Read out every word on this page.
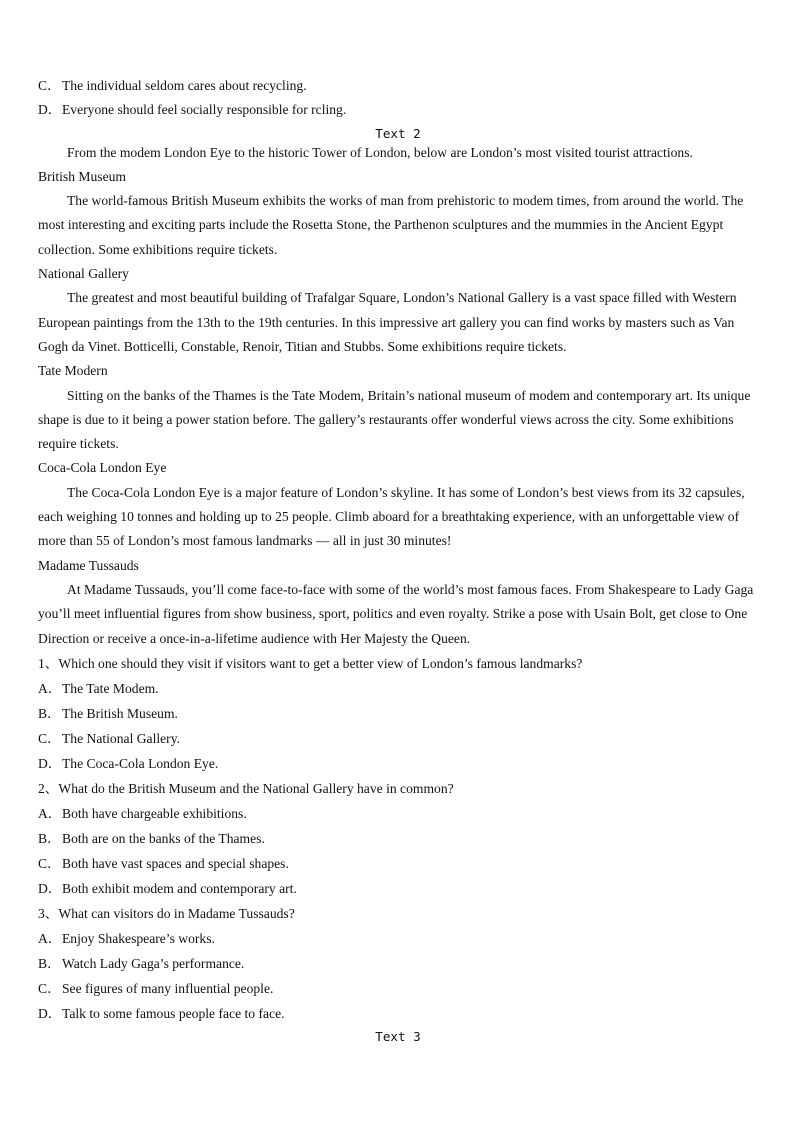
C．The individual seldom cares about recycling.

D．Everyone should feel socially responsible for rcling.

Text 2

From the modem London Eye to the historic Tower of London, below are London’s most visited tourist attractions.

British Museum

The world-famous British Museum exhibits the works of man from prehistoric to modem times, from around the world. The most interesting and exciting parts include the Rosetta Stone, the Parthenon sculptures and the mummies in the Ancient Egypt collection. Some exhibitions require tickets.

National Gallery

The greatest and most beautiful building of Trafalgar Square, London’s National Gallery is a vast space filled with Western European paintings from the 13th to the 19th centuries. In this impressive art gallery you can find works by masters such as Van Gogh da Vinet. Botticelli, Constable, Renoir, Titian and Stubbs. Some exhibitions require tickets.

Tate Modern

Sitting on the banks of the Thames is the Tate Modem, Britain’s national museum of modem and contemporary art. Its unique shape is due to it being a power station before. The gallery’s restaurants offer wonderful views across the city. Some exhibitions require tickets.

Coca-Cola London Eye

The Coca-Cola London Eye is a major feature of London’s skyline. It has some of London’s best views from its 32 capsules, each weighing 10 tonnes and holding up to 25 people. Climb aboard for a breathtaking experience, with an unforgettable view of more than 55 of London’s most famous landmarks — all in just 30 minutes!

Madame Tussauds

At Madame Tussauds, you’ll come face-to-face with some of the world’s most famous faces. From Shakespeare to Lady Gaga you’ll meet influential figures from show business, sport, politics and even royalty. Strike a pose with Usain Bolt, get close to One Direction or receive a once-in-a-lifetime audience with Her Majesty the Queen.

1、Which one should they visit if visitors want to get a better view of London’s famous landmarks?

A．The Tate Modem.

B．The British Museum.

C．The National Gallery.

D．The Coca-Cola London Eye.

2、What do the British Museum and the National Gallery have in common?

A．Both have chargeable exhibitions.

B．Both are on the banks of the Thames.

C．Both have vast spaces and special shapes.

D．Both exhibit modem and contemporary art.

3、What can visitors do in Madame Tussauds?

A．Enjoy Shakespeare’s works.

B．Watch Lady Gaga’s performance.

C．See figures of many influential people.

D．Talk to some famous people face to face.

Text 3
